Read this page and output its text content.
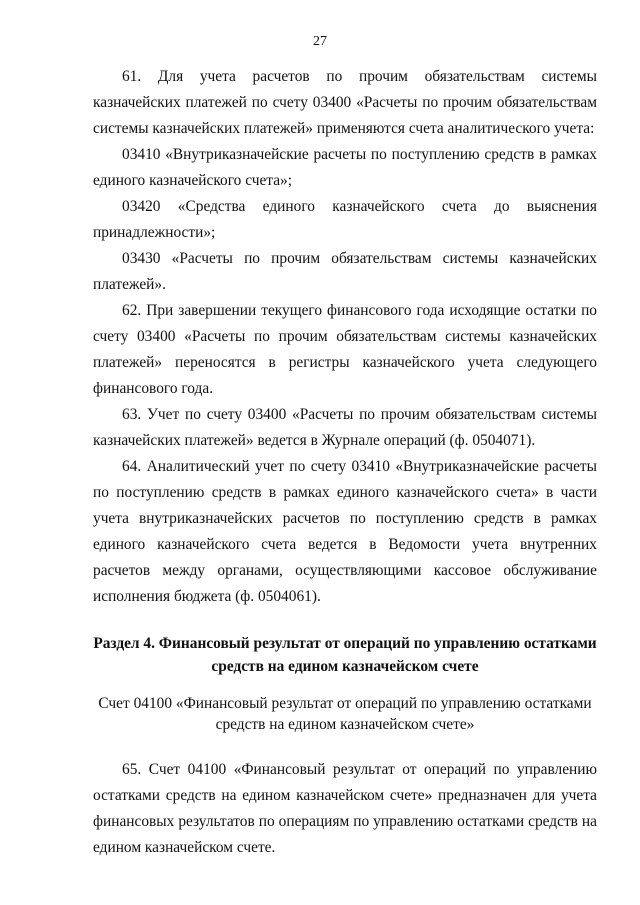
27

61. Для учета расчетов по прочим обязательствам системы казначейских платежей по счету 03400 «Расчеты по прочим обязательствам системы казначейских платежей» применяются счета аналитического учета:

03410 «Внутриказначейские расчеты по поступлению средств в рамках единого казначейского счета»;

03420 «Средства единого казначейского счета до выяснения принадлежности»;

03430 «Расчеты по прочим обязательствам системы казначейских платежей».

62. При завершении текущего финансового года исходящие остатки по счету 03400 «Расчеты по прочим обязательствам системы казначейских платежей» переносятся в регистры казначейского учета следующего финансового года.

63. Учет по счету 03400 «Расчеты по прочим обязательствам системы казначейских платежей» ведется в Журнале операций (ф. 0504071).

64. Аналитический учет по счету 03410 «Внутриказначейские расчеты по поступлению средств в рамках единого казначейского счета» в части учета внутриказначейских расчетов по поступлению средств в рамках единого казначейского счета ведется в Ведомости учета внутренних расчетов между органами, осуществляющими кассовое обслуживание исполнения бюджета (ф. 0504061).

Раздел 4. Финансовый результат от операций по управлению остатками
средств на едином казначейском счете
Счет 04100 «Финансовый результат от операций по управлению остатками
средств на едином казначейском счете»

65. Счет 04100 «Финансовый результат от операций по управлению остатками средств на едином казначейском счете» предназначен для учета финансовых результатов по операциям по управлению остатками средств на едином казначейском счете.
